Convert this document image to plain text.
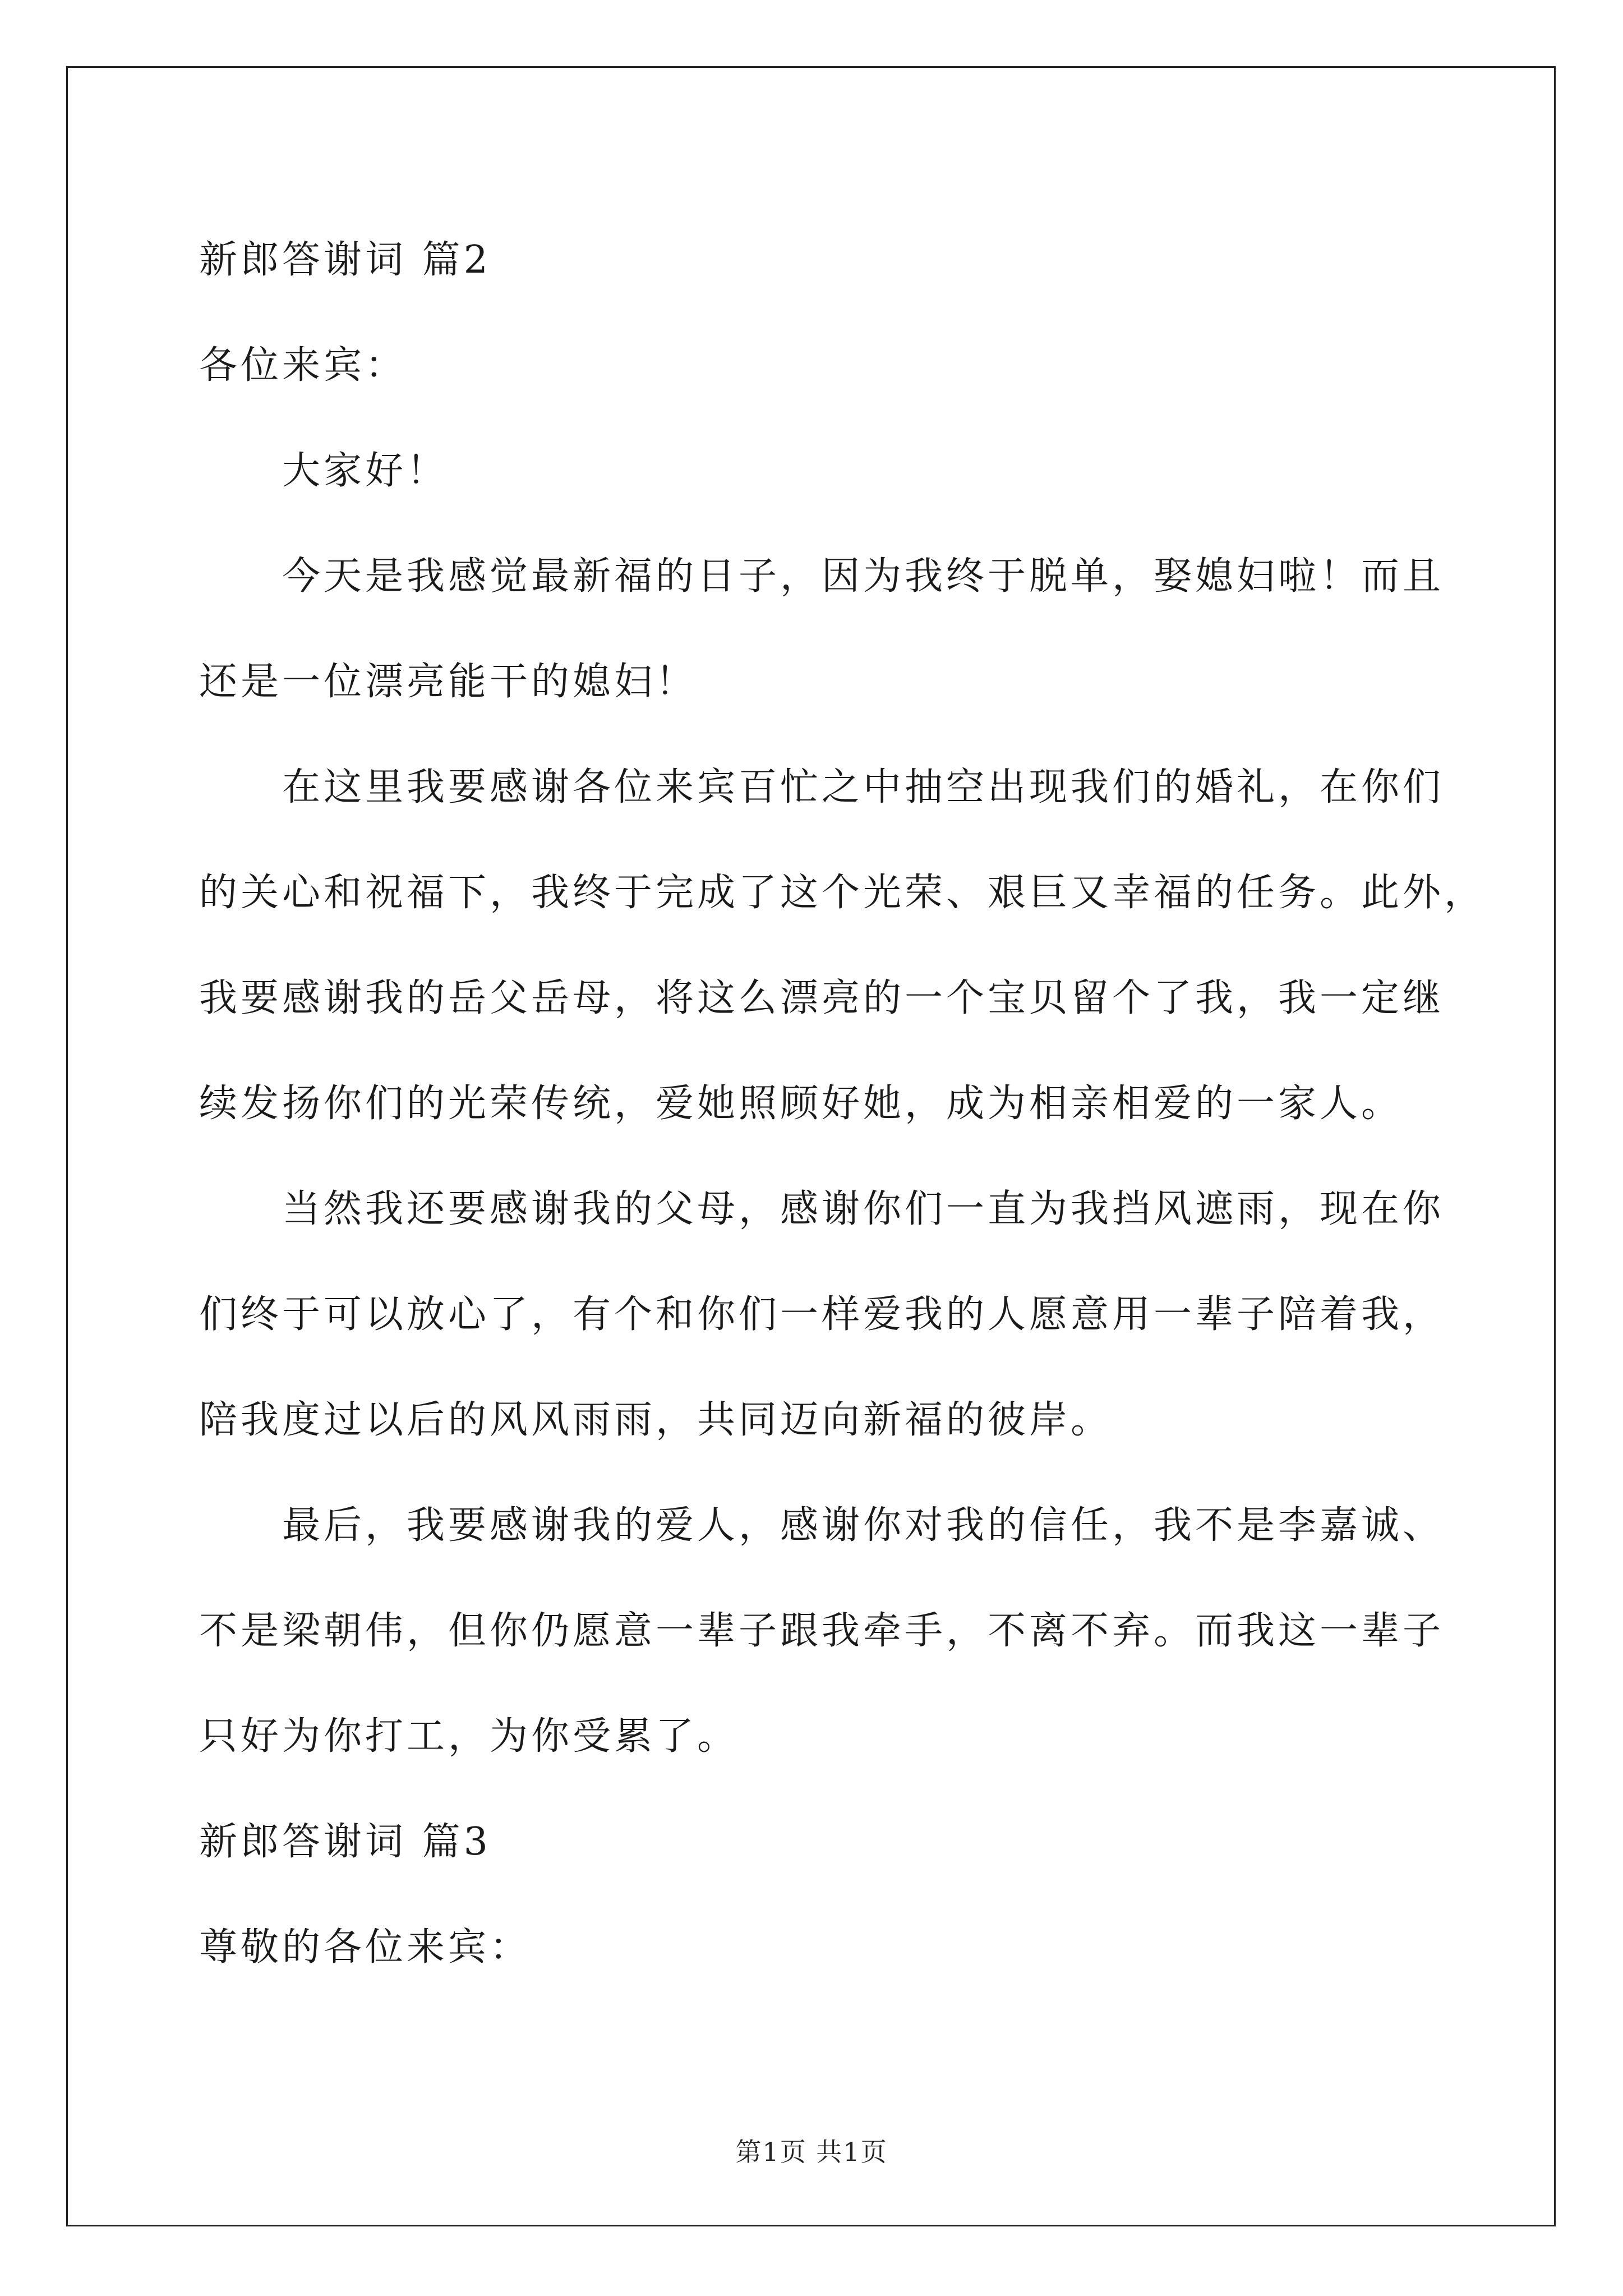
新郎答谢词 篇2
各位来宾：
大家好！
今天是我感觉最新福的日子，因为我终于脱单，娶媳妇啦！而且
还是一位漂亮能干的媳妇！
在这里我要感谢各位来宾百忙之中抽空出现我们的婚礼，在你们
的关心和祝福下，我终于完成了这个光荣、艰巨又幸福的任务。此外，
我要感谢我的岳父岳母，将这么漂亮的一个宝贝留个了我，我一定继
续发扬你们的光荣传统，爱她照顾好她，成为相亲相爱的一家人。
当然我还要感谢我的父母，感谢你们一直为我挡风遮雨，现在你
们终于可以放心了，有个和你们一样爱我的人愿意用一辈子陪着我，
陪我度过以后的风风雨雨，共同迈向新福的彼岸。
最后，我要感谢我的爱人，感谢你对我的信任，我不是李嘉诚、
不是梁朝伟，但你仍愿意一辈子跟我牵手，不离不弃。而我这一辈子
只好为你打工，为你受累了。
新郎答谢词 篇3
尊敬的各位来宾：
第1页 共1页
